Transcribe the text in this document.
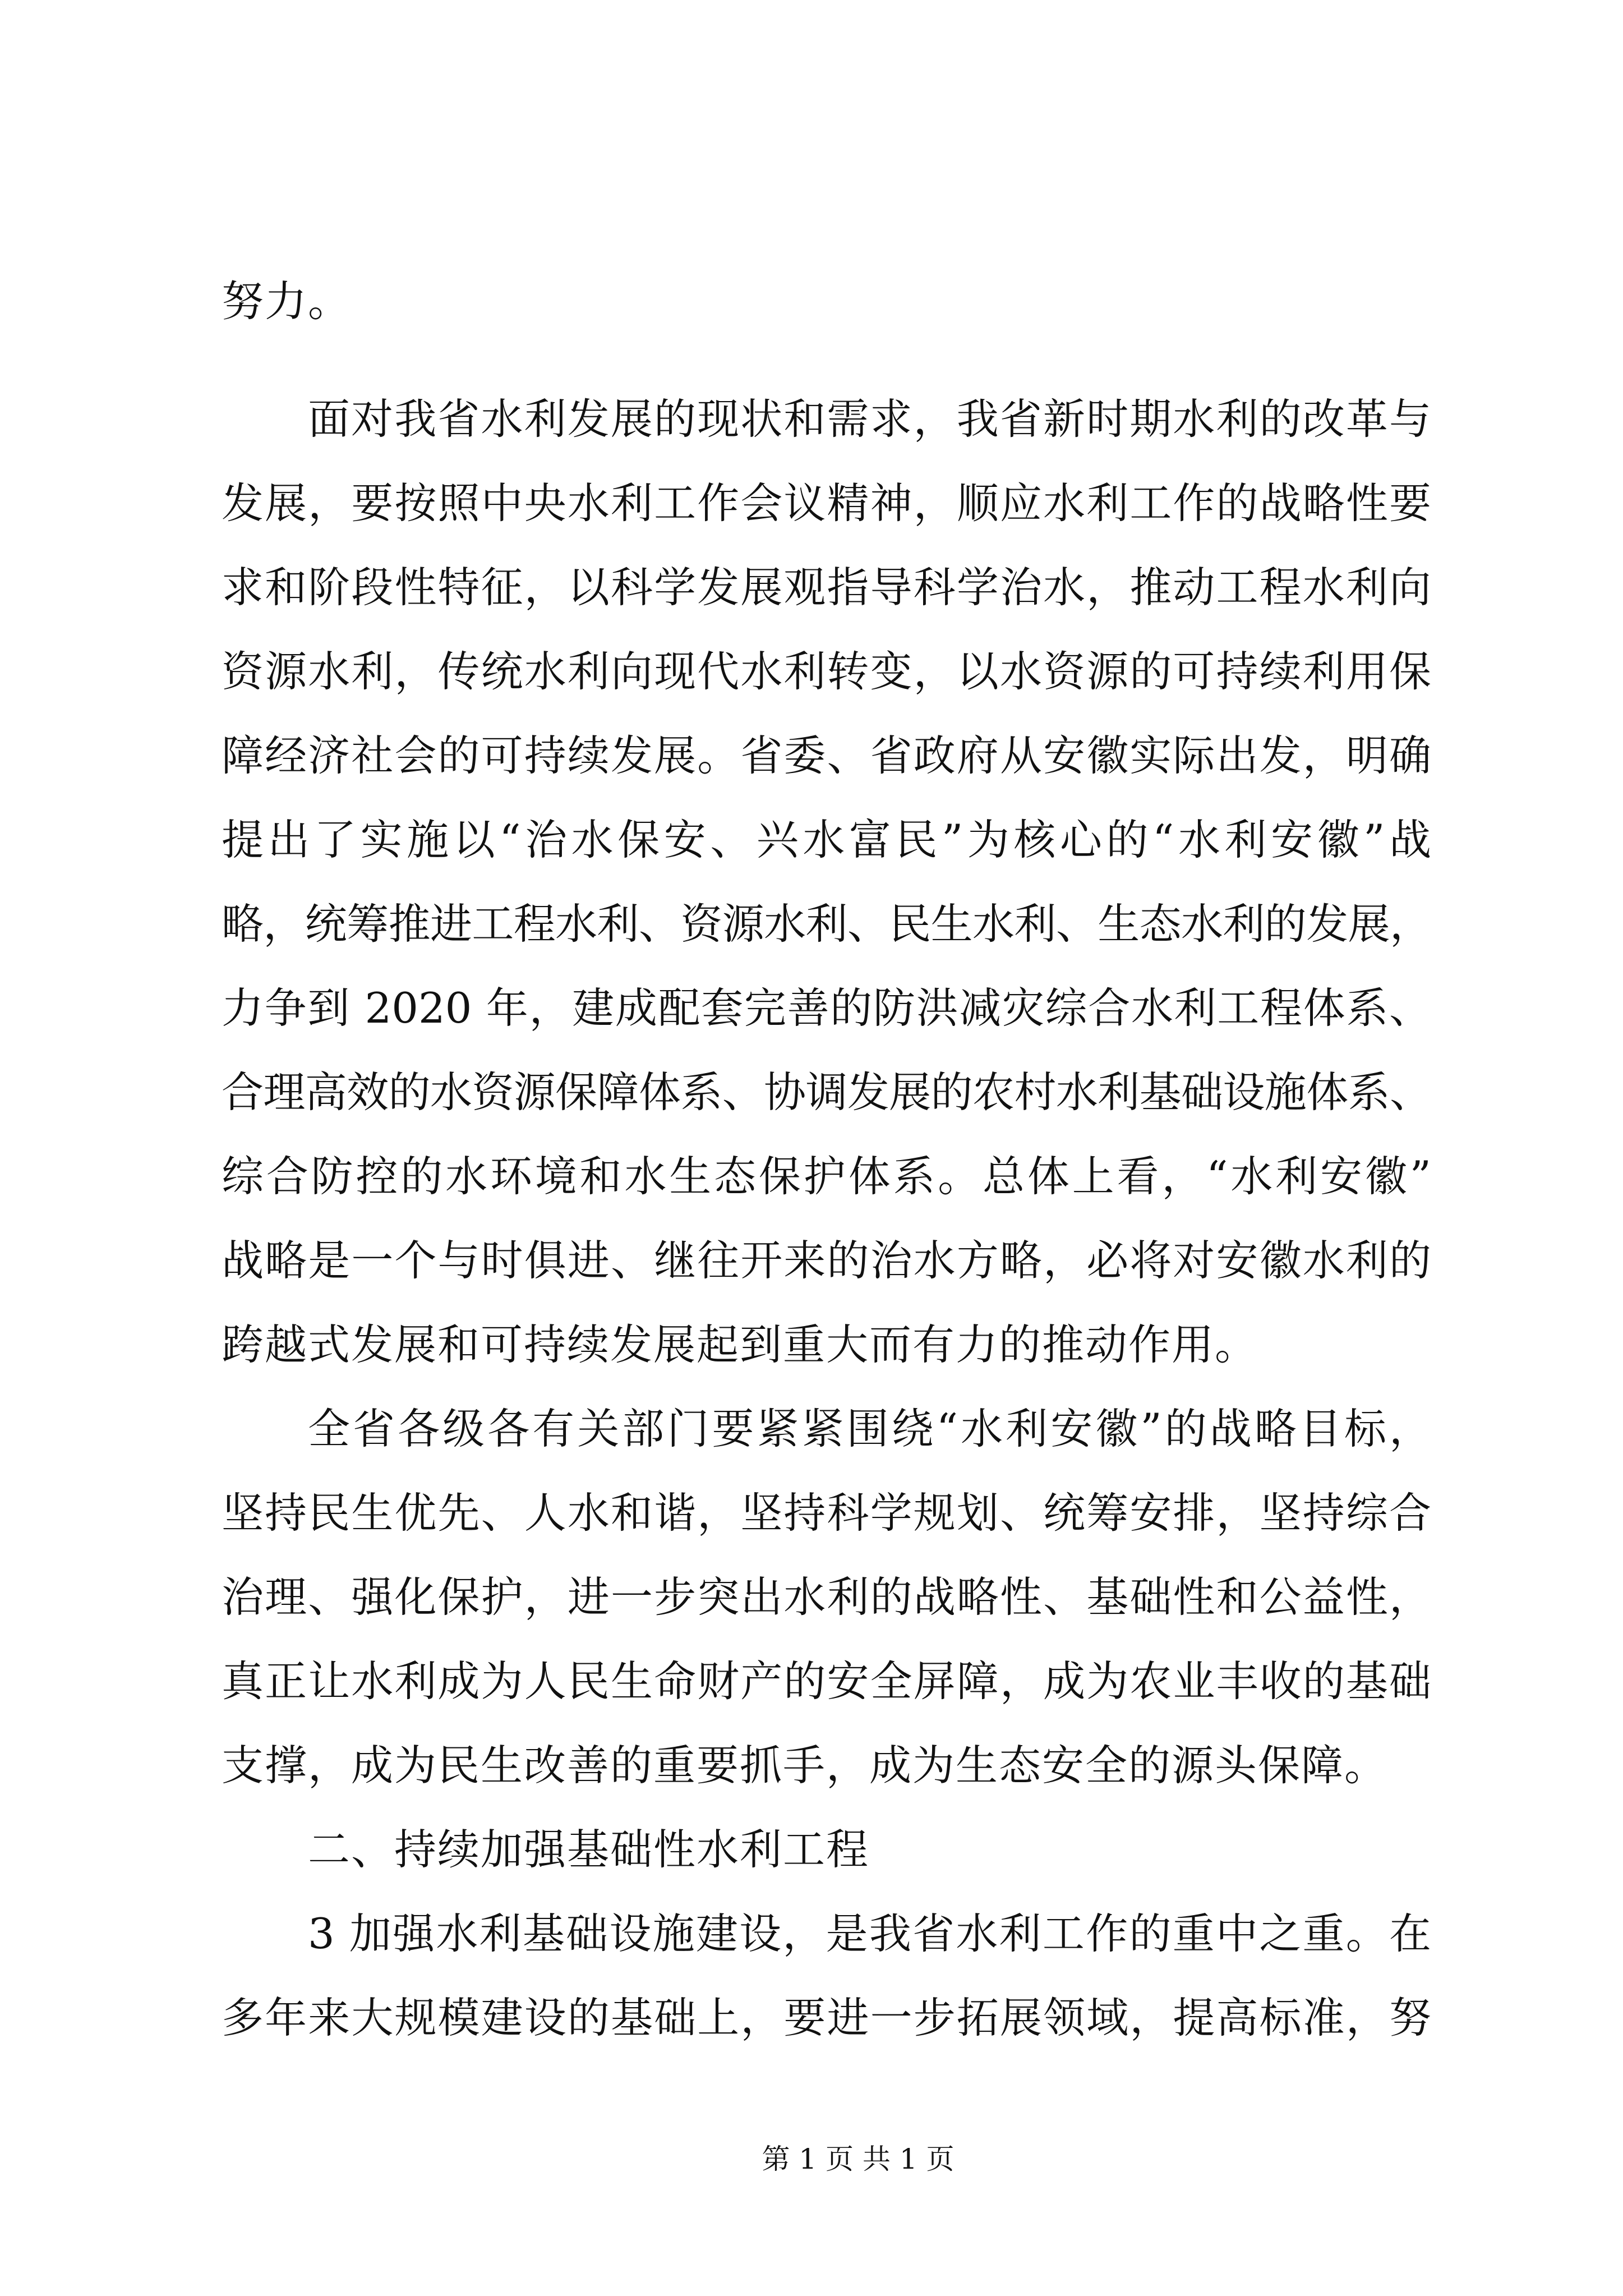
努力。
面对我省水利发展的现状和需求，我省新时期水利的改革与
发展，要按照中央水利工作会议精神，顺应水利工作的战略性要
求和阶段性特征，以科学发展观指导科学治水，推动工程水利向
资源水利，传统水利向现代水利转变，以水资源的可持续利用保
障经济社会的可持续发展。省委、省政府从安徽实际出发，明确
提出了实施以“治水保安、兴水富民”为核心的“水利安徽”战
略，统筹推进工程水利、资源水利、民生水利、生态水利的发展，
力争到 2020 年，建成配套完善的防洪减灾综合水利工程体系、
合理高效的水资源保障体系、协调发展的农村水利基础设施体系、
综合防控的水环境和水生态保护体系。总体上看，“水利安徽”
战略是一个与时俱进、继往开来的治水方略，必将对安徽水利的
跨越式发展和可持续发展起到重大而有力的推动作用。
全省各级各有关部门要紧紧围绕“水利安徽”的战略目标，
坚持民生优先、人水和谐，坚持科学规划、统筹安排，坚持综合
治理、强化保护，进一步突出水利的战略性、基础性和公益性，
真正让水利成为人民生命财产的安全屏障，成为农业丰收的基础
支撑，成为民生改善的重要抓手，成为生态安全的源头保障。
二、持续加强基础性水利工程
3 加强水利基础设施建设，是我省水利工作的重中之重。在
多年来大规模建设的基础上，要进一步拓展领域，提高标准，努
第 1 页 共 1 页
